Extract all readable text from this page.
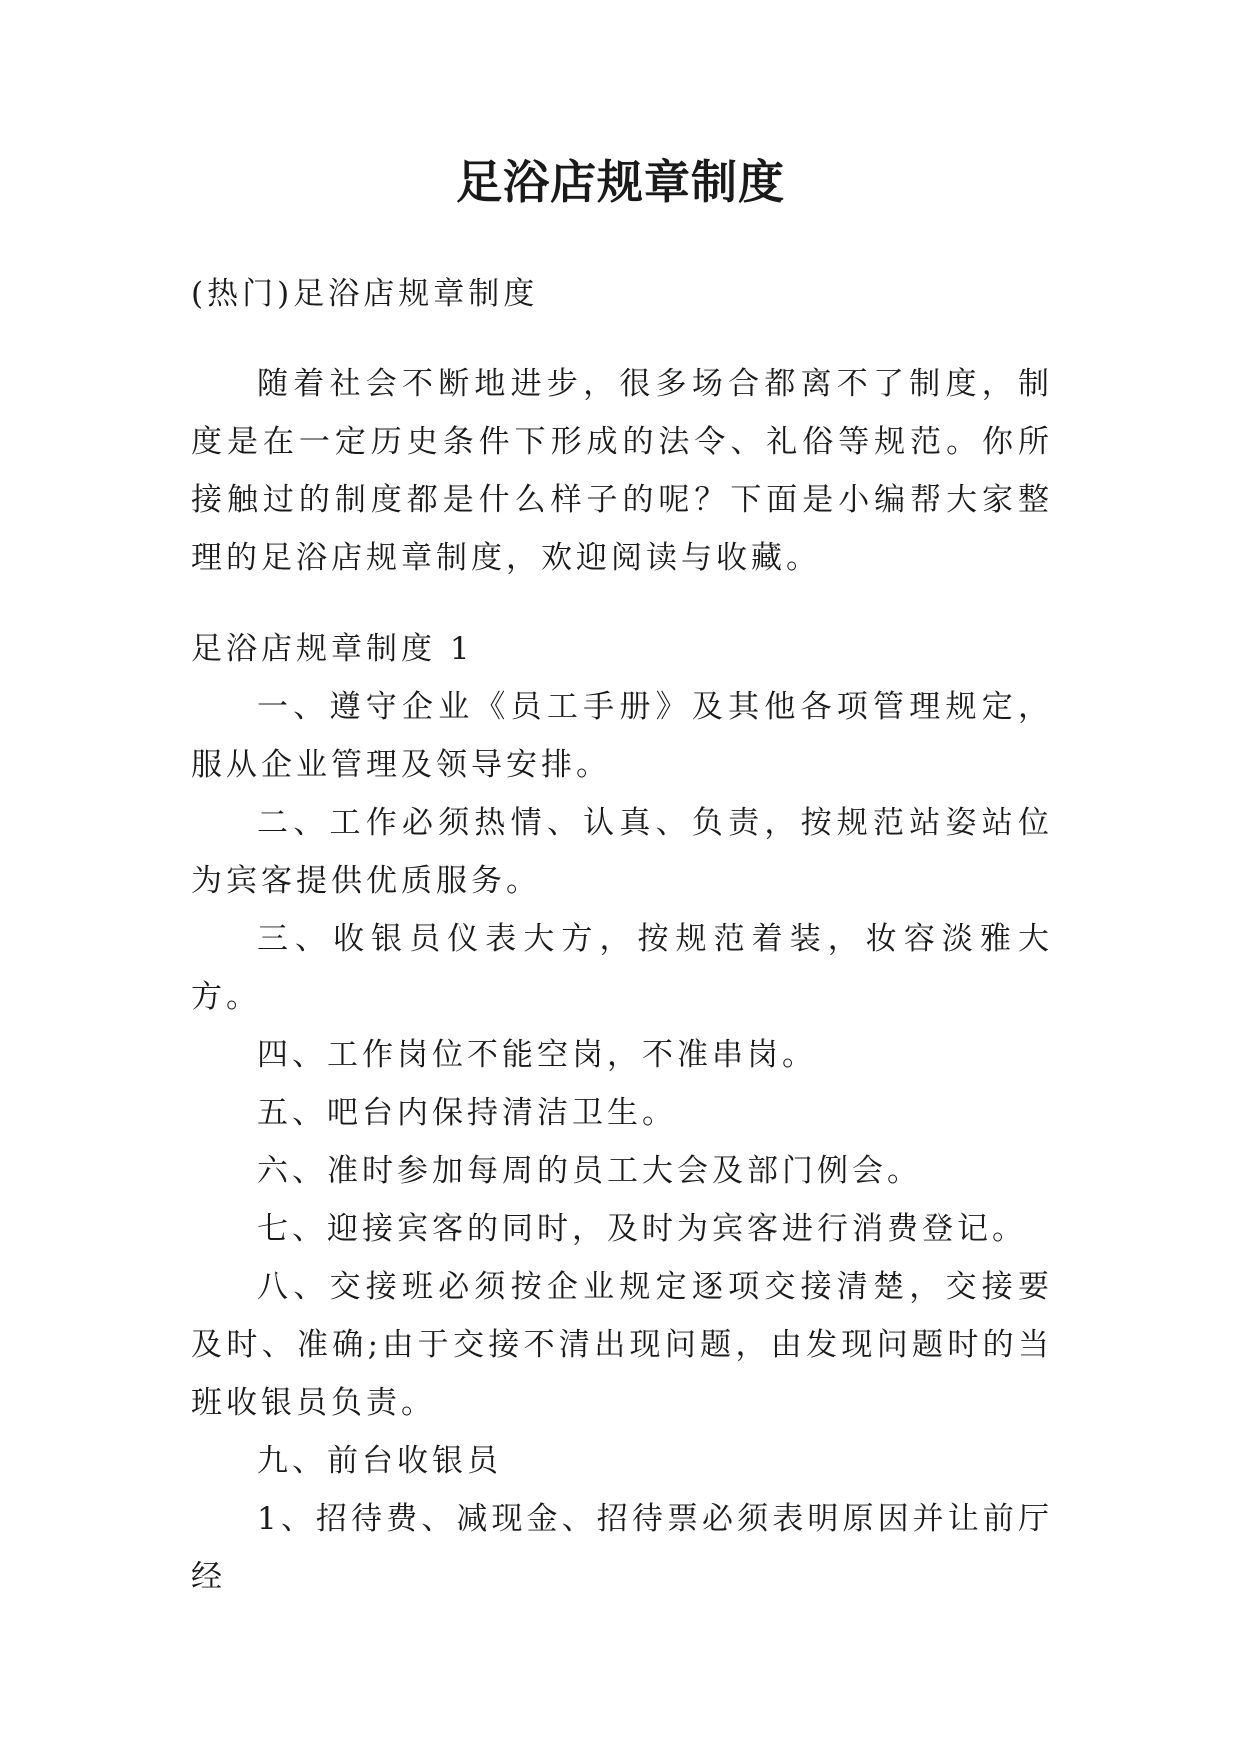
足浴店规章制度

(热门)足浴店规章制度

随着社会不断地进步，很多场合都离不了制度，制度是在一定历史条件下形成的法令、礼俗等规范。你所接触过的制度都是什么样子的呢？下面是小编帮大家整理的足浴店规章制度，欢迎阅读与收藏。

足浴店规章制度 1

一、遵守企业《员工手册》及其他各项管理规定，服从企业管理及领导安排。

二、工作必须热情、认真、负责，按规范站姿站位为宾客提供优质服务。

三、收银员仪表大方，按规范着装，妆容淡雅大方。

四、工作岗位不能空岗，不准串岗。

五、吧台内保持清洁卫生。

六、准时参加每周的员工大会及部门例会。

七、迎接宾客的同时，及时为宾客进行消费登记。

八、交接班必须按企业规定逐项交接清楚，交接要及时、准确;由于交接不清出现问题，由发现问题时的当班收银员负责。

九、前台收银员

1、招待费、减现金、招待票必须表明原因并让前厅经
